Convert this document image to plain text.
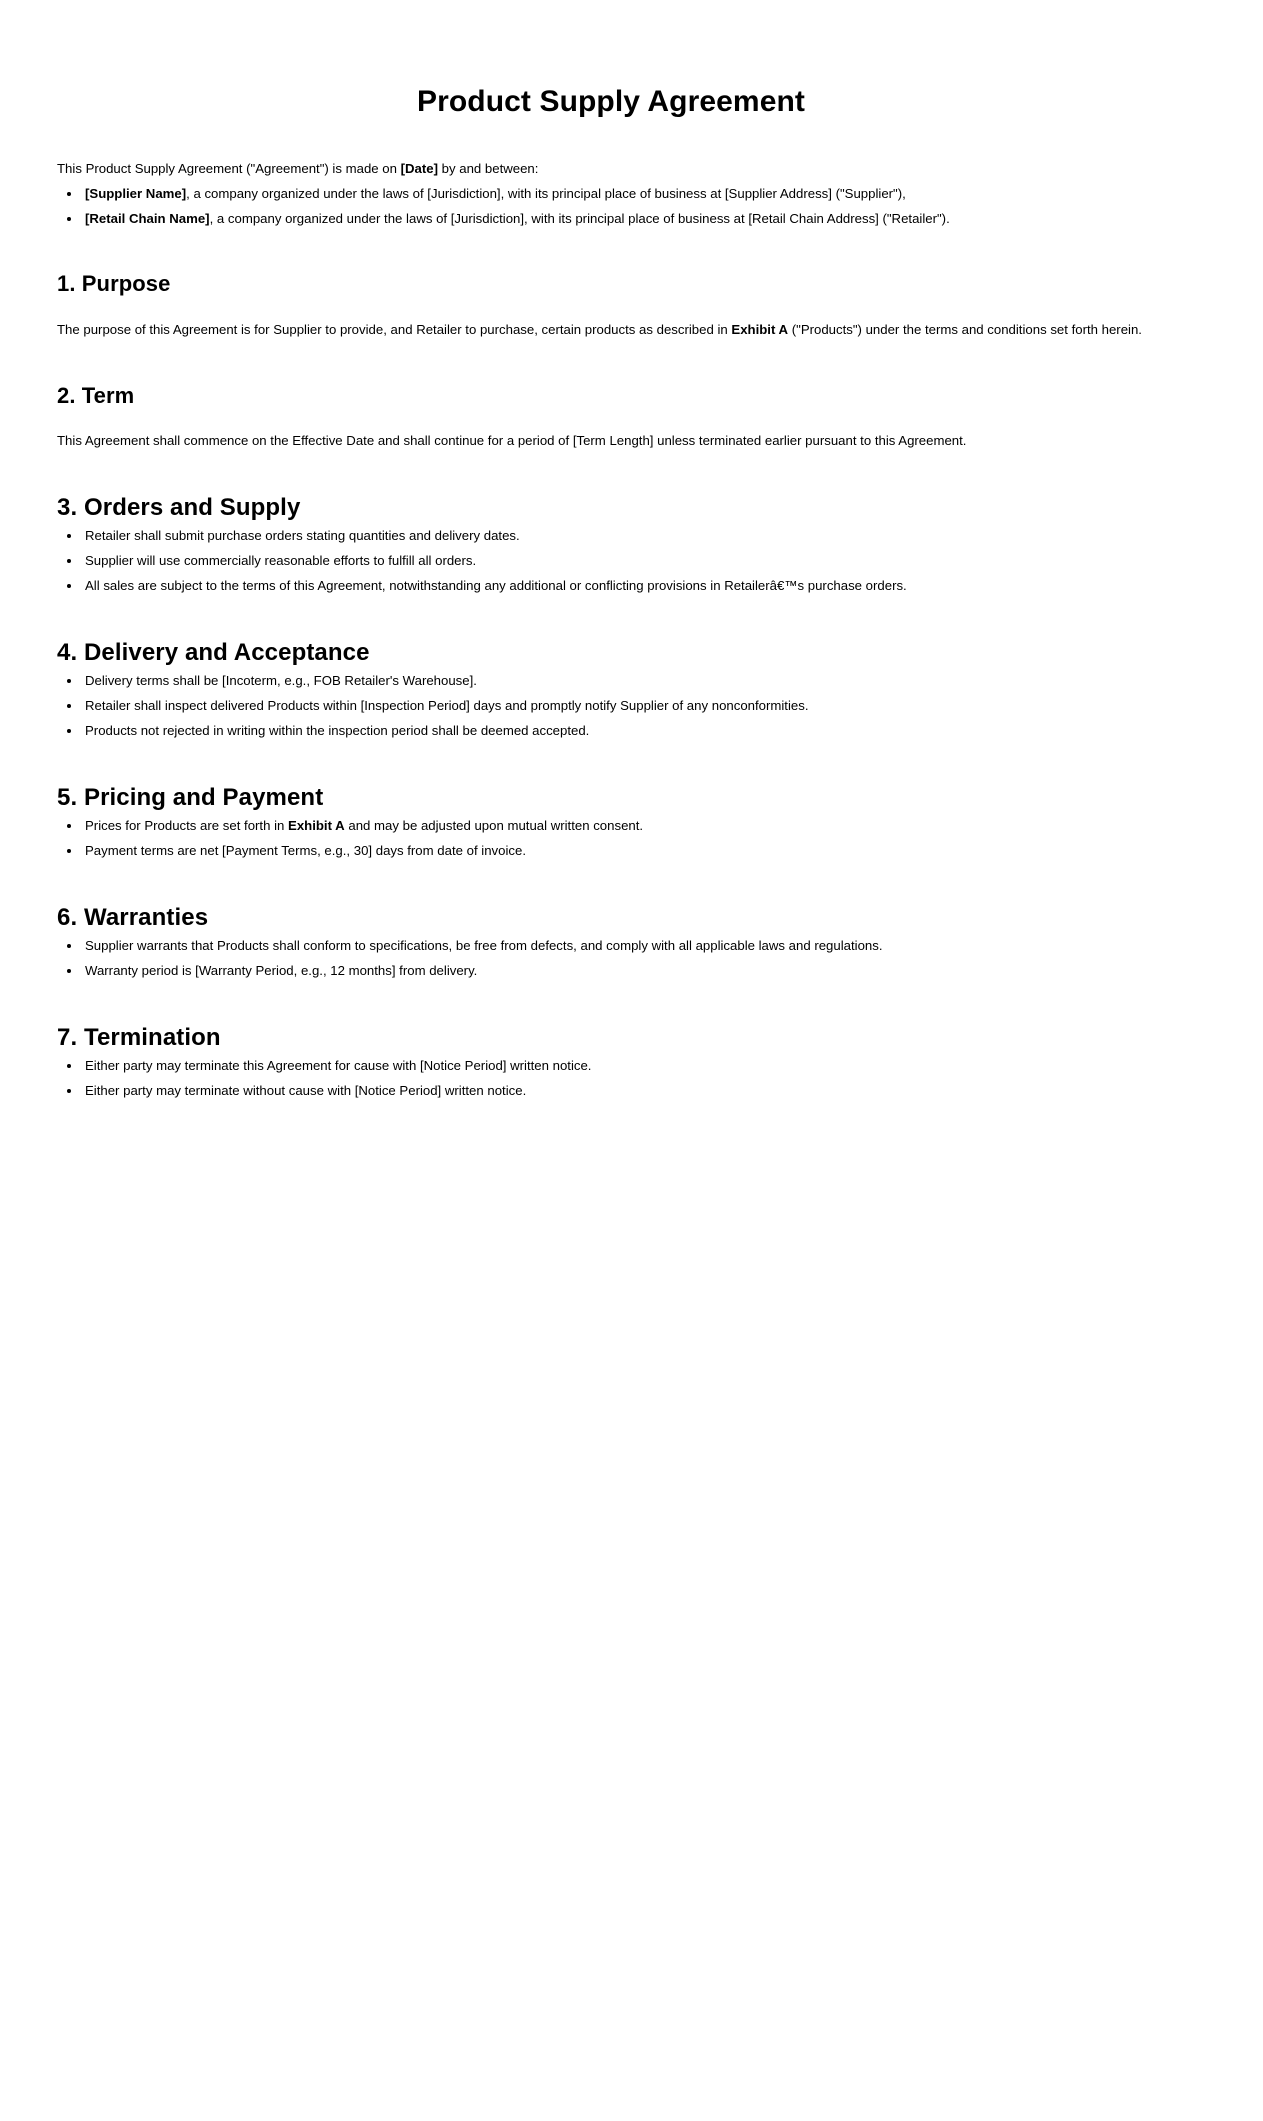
Product Supply Agreement

This Product Supply Agreement ("Agreement") is made on [Date] by and between:

• [Supplier Name], a company organized under the laws of [Jurisdiction], with its principal place of business at [Supplier Address] ("Supplier"),
• [Retail Chain Name], a company organized under the laws of [Jurisdiction], with its principal place of business at [Retail Chain Address] ("Retailer").
1. Purpose

The purpose of this Agreement is for Supplier to provide, and Retailer to purchase, certain products as described in Exhibit A ("Products") under the terms and conditions set forth herein.

2. Term

This Agreement shall commence on the Effective Date and shall continue for a period of [Term Length] unless terminated earlier pursuant to this Agreement.

3. Orders and Supply
• Retailer shall submit purchase orders stating quantities and delivery dates.
• Supplier will use commercially reasonable efforts to fulfill all orders.
• All sales are subject to the terms of this Agreement, notwithstanding any additional or conflicting provisions in Retailerâ€™s purchase orders.
4. Delivery and Acceptance
• Delivery terms shall be [Incoterm, e.g., FOB Retailer's Warehouse].
• Retailer shall inspect delivered Products within [Inspection Period] days and promptly notify Supplier of any nonconformities.
• Products not rejected in writing within the inspection period shall be deemed accepted.
5. Pricing and Payment
• Prices for Products are set forth in Exhibit A and may be adjusted upon mutual written consent.
• Payment terms are net [Payment Terms, e.g., 30] days from date of invoice.
6. Warranties
• Supplier warrants that Products shall conform to specifications, be free from defects, and comply with all applicable laws and regulations.
• Warranty period is [Warranty Period, e.g., 12 months] from delivery.
7. Termination
• Either party may terminate this Agreement for cause with [Notice Period] written notice.
• Either party may terminate without cause with [Notice Period] written notice.
